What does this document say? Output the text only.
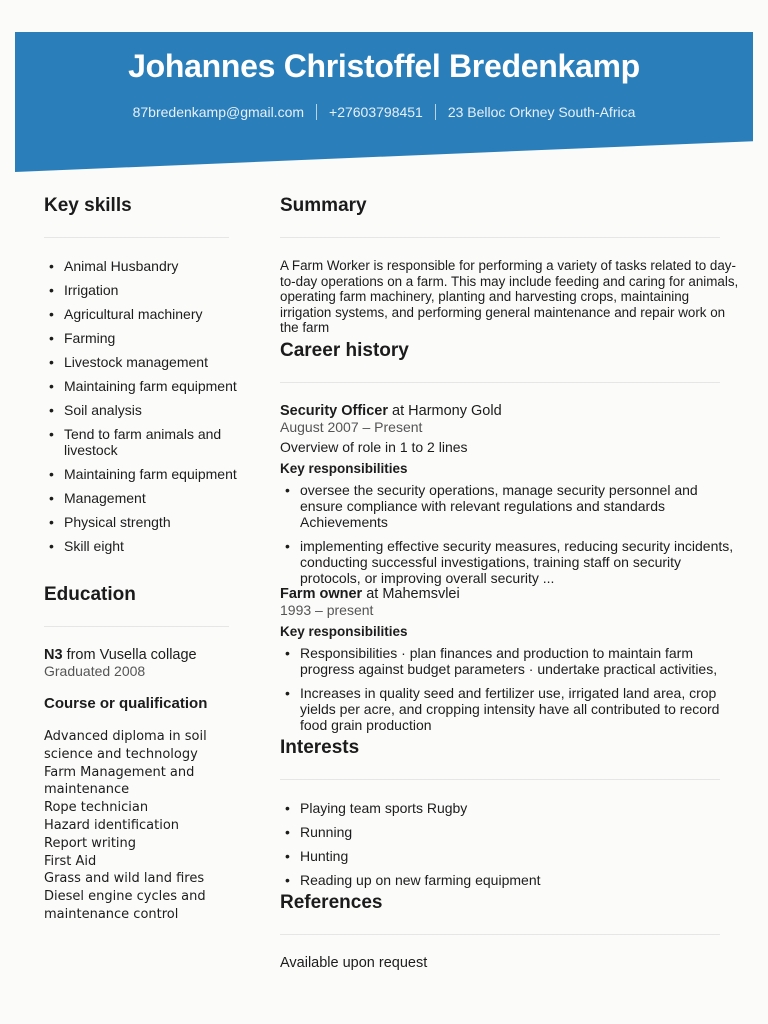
Johannes Christoffel Bredenkamp
87bredenkamp@gmail.com +27603798451 23 Belloc Orkney South-Africa
Key skills
• Animal Husbandry
• Irrigation
• Agricultural machinery
• Farming
• Livestock management
• Maintaining farm equipment
• Soil analysis
• Tend to farm animals and livestock
• Maintaining farm equipment
• Management
• Physical strength
• Skill eight
Education
N3 from Vusella collage
Graduated 2008
Course or qualification
Advanced diploma in soil science and technology
Farm Management and maintenance
Rope technician
Hazard identification
Report writing
First Aid
Grass and wild land fires
Diesel engine cycles and maintenance control
Summary
A Farm Worker is responsible for performing a variety of tasks related to day-to-day operations on a farm. This may include feeding and caring for animals, operating farm machinery, planting and harvesting crops, maintaining irrigation systems, and performing general maintenance and repair work on the farm
Career history
Security Officer at Harmony Gold
August 2007 – Present
Overview of role in 1 to 2 lines
Key responsibilities
• oversee the security operations, manage security personnel and ensure compliance with relevant regulations and standards Achievements
• implementing effective security measures, reducing security incidents, conducting successful investigations, training staff on security protocols, or improving overall security ...
Farm owner at Mahemsvlei
1993 – present
Key responsibilities
• Responsibilities · plan finances and production to maintain farm progress against budget parameters · undertake practical activities,
• Increases in quality seed and fertilizer use, irrigated land area, crop yields per acre, and cropping intensity have all contributed to record food grain production
Interests
• Playing team sports Rugby
• Running
• Hunting
• Reading up on new farming equipment
References
Available upon request
